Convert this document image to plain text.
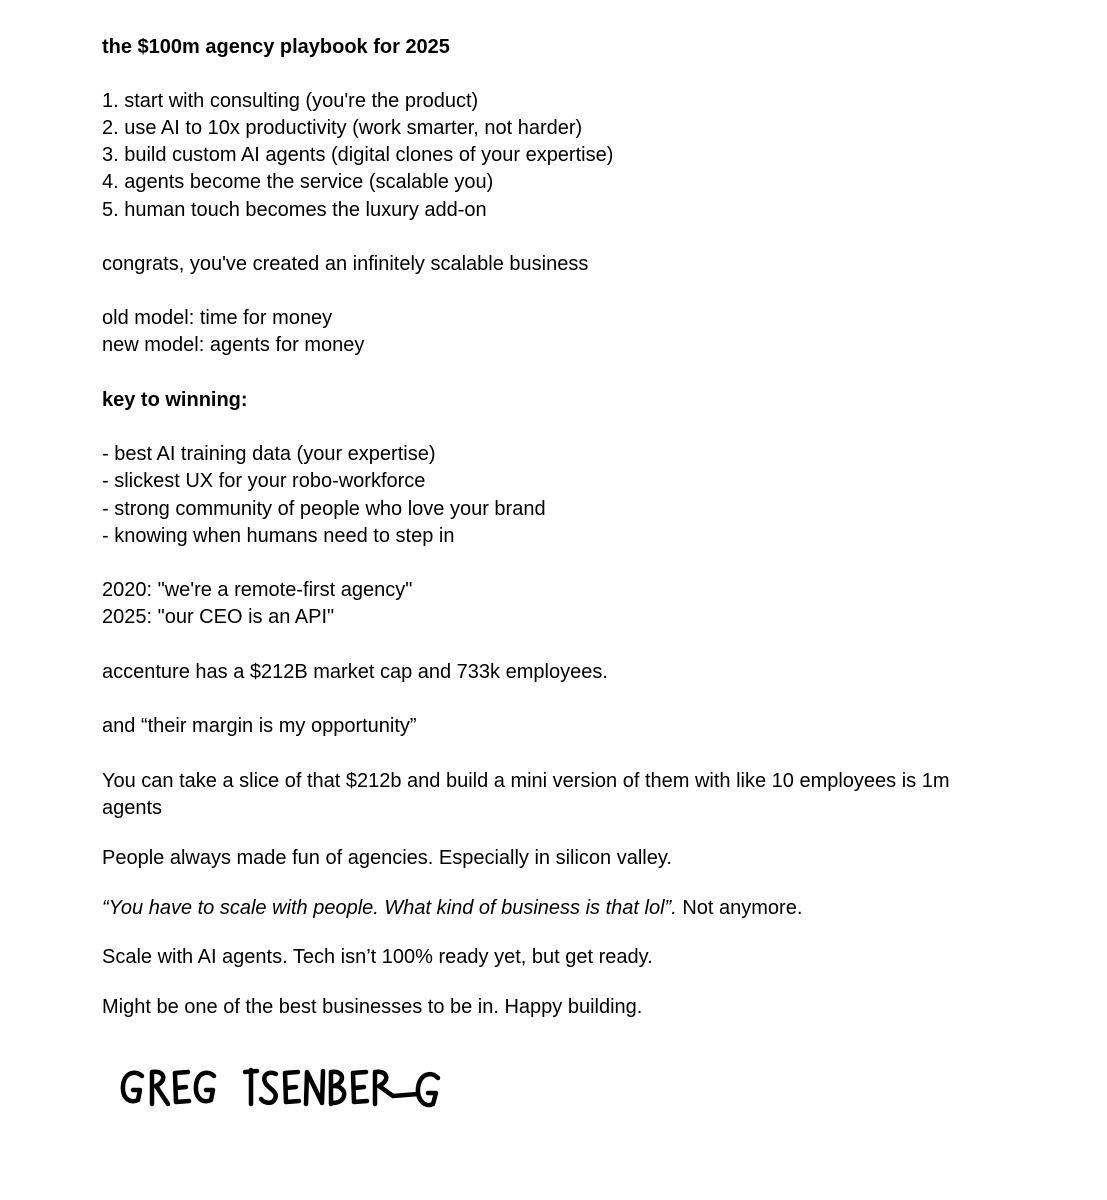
the $100m agency playbook for 2025
1. start with consulting (you're the product)
2. use AI to 10x productivity (work smarter, not harder)
3. build custom AI agents (digital clones of your expertise)
4. agents become the service (scalable you)
5. human touch becomes the luxury add-on
congrats, you've created an infinitely scalable business
old model: time for money
new model: agents for money
key to winning:
- best AI training data (your expertise)
- slickest UX for your robo-workforce
- strong community of people who love your brand
- knowing when humans need to step in
2020: "we're a remote-first agency"
2025: "our CEO is an API"
accenture has a $212B market cap and 733k employees.
and “their margin is my opportunity”
You can take a slice of that $212b and build a mini version of them with like 10 employees is 1m agents
People always made fun of agencies. Especially in silicon valley.
“You have to scale with people. What kind of business is that lol”. Not anymore.
Scale with AI agents. Tech isn’t 100% ready yet, but get ready.
Might be one of the best businesses to be in. Happy building.
